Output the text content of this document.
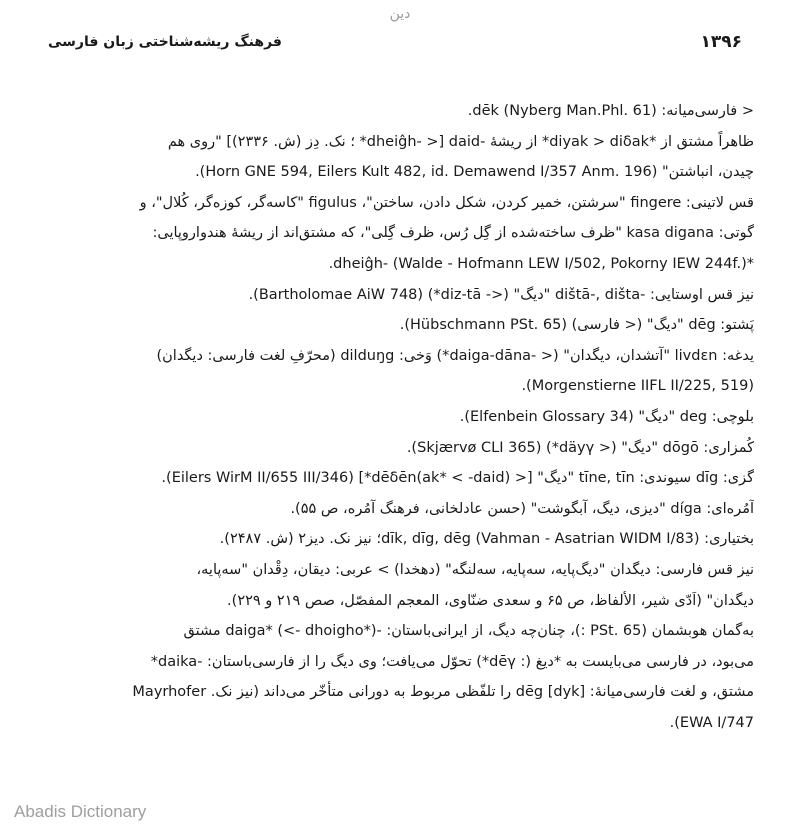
دین
۱۳۹۶
فرهنگ ریشه‌شناختی زبان فارسی
< فارسی‌میانه: (Nyberg Man.Phl. 61) dēk.
ظاهراً مشتق از *diyak > diδak* از ریشهٔ -daid [< -dheiĝh* ؛ نک. دِز (ش. ۲۳۳۶)] "روی هم
چیدن، انباشتن" (Horn GNE 594, Eilers Kult 482, id. Demawend I/357 Anm. 196).
قس لاتینی: fingere "سرشتن، خمیر کردن، شکل دادن، ساختن"، figulus "کاسه‌گر، کوزه‌گر، کُلال"، و
گوتی: kasa digana "ظرف ساخته‌شده از گِل رُس، ظرف گِلی"، که مشتق‌اند از ریشهٔ هندواروپایی:
*dheiĝh- (Walde - Hofmann LEW I/502, Pokorny IEW 244f.).
نیز قس اوستایی: -dištā-, dišta "دیگ" (<- diz-tā*) (Bartholomae AiW 748).
پَشتو: dēg "دیگ" (< فارسی) (Hübschmann PSt. 65).
یدغه: livdɛn "آتشدان، دیگدان" (< -daiga-dāna*) وَخی: dilduŋg (محرّفِ لغت فارسی: دیگدان)
(Morgenstierne IIFL II/225, 519).
بلوچی: deg "دیگ" (Elfenbein Glossary 34).
کُمزاری: dōgō "دیگ" (< däyγ*) (Skjærvø CLI 365).
گزی: dīg سیوندی: tīne, tīn "دیگ" [< (dēδēn(ak* < -daid*] (Eilers WirM II/655 III/346).
آمُره‌ای: díga "دیزی، دیگ، آبگوشت" (حسن عادلخانی، فرهنگ آمُره، ص ۵۵).
بختیاری: dīk, dīg, dēg (Vahman - Asatrian WIDM I/83)؛ نیز نک. دیز۲ (ش. ۲۴۸۷).
نیز قس فارسی: دیگدان "دیگ‌پایه، سه‌پایه، سه‌لنگه" (دهخدا) > عربی: دیقان، دِقْدان "سه‌پایه،
دیگدان" (اَدّی شیر، الألفاظ، ص ۶۵ و سعدی ضنّاوی، المعجم المفصّل، صص ۲۱۹ و ۲۲۹).
به‌گمان هوبشمان (PSt. 65 :)، چنان‌چه دیگ، از ایرانی‌باستان: -daiga* (<- dhoigho*) مشتق
می‌بود، در فارسی می‌بایست به *دیغ (: dēγ*) تحوّل می‌یافت؛ وی دیگ را از فارسی‌باستان: -daika*
مشتق، و لغت فارسی‌میانهٔ: dēg [dyk] را تلفّظی مربوط به دورانی متأخّر می‌داند (نیز نک. Mayrhofer
EWA I/747).
Abadis Dictionary
